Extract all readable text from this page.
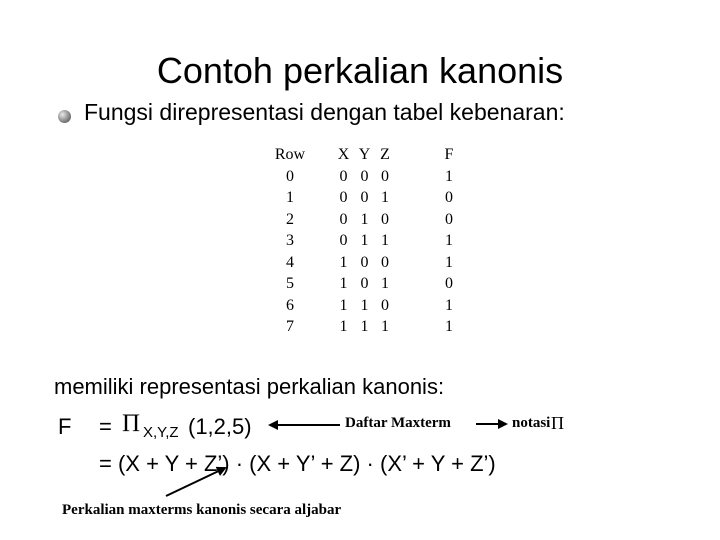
Contoh perkalian kanonis
Fungsi direpresentasi dengan tabel kebenaran:
Row		X	Y	Z		F
0		0	0	0		1
1		0	0	1		0
2		0	1	0		0
3		0	1	1		1
4		1	0	0		1
5		1	0	1		0
6		1	1	0		1
7		1	1	1		1
memiliki representasi perkalian kanonis:
F = Π X,Y,Z (1,2,5)	Daftar Maxterm	notasi Π
= (X + Y + Z’) · (X + Y’ + Z) · (X’ + Y + Z’)
Perkalian maxterms kanonis secara aljabar
